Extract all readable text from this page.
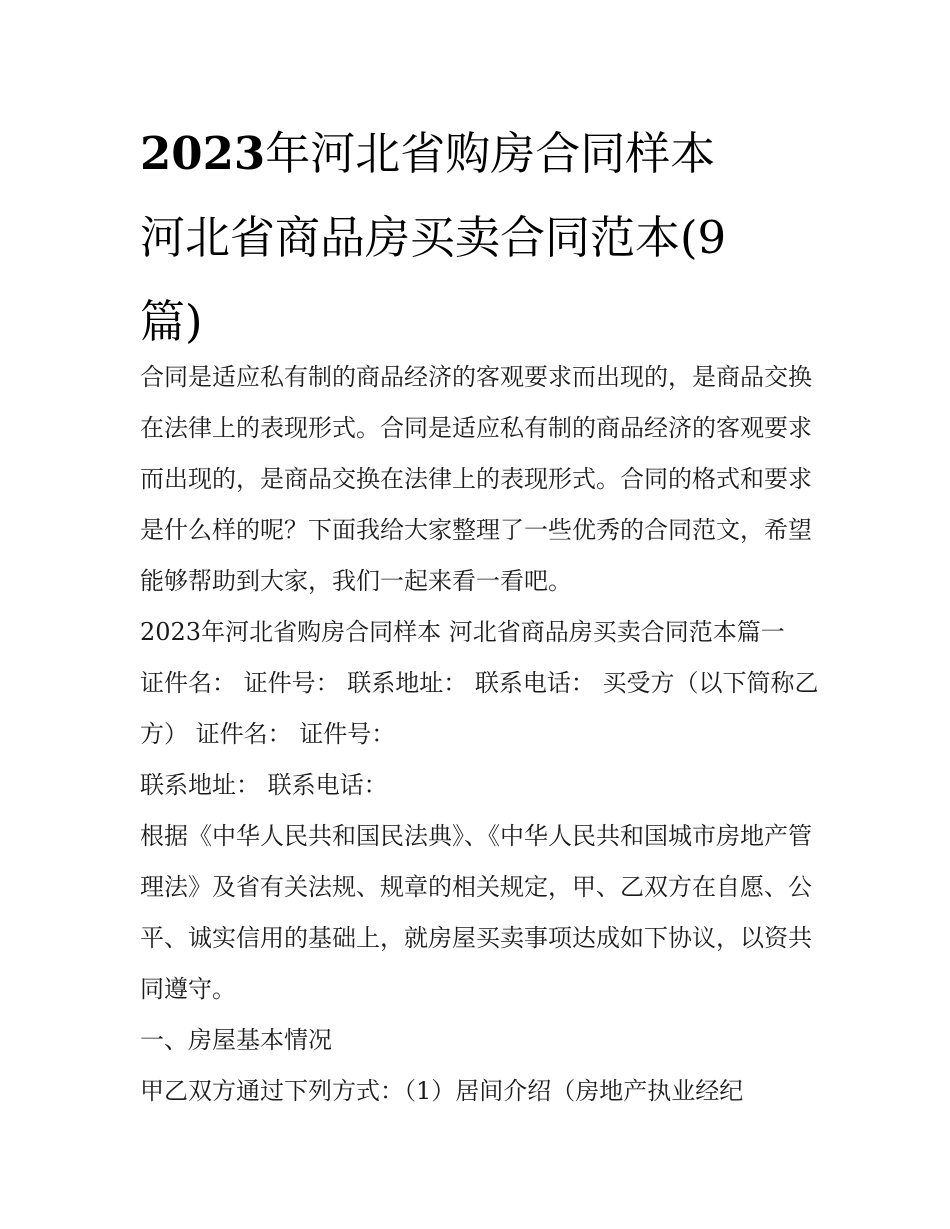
2023年河北省购房合同样本
河北省商品房买卖合同范本(9
篇)

合同是适应私有制的商品经济的客观要求而出现的，是商品交换在法律上的表现形式。合同是适应私有制的商品经济的客观要求而出现的，是商品交换在法律上的表现形式。合同的格式和要求是什么样的呢？下面我给大家整理了一些优秀的合同范文，希望能够帮助到大家，我们一起来看一看吧。

2023年河北省购房合同样本 河北省商品房买卖合同范本篇一

证件名： 证件号： 联系地址： 联系电话： 买受方（以下简称乙方） 证件名： 证件号：

联系地址： 联系电话：

根据《中华人民共和国民法典》、《中华人民共和国城市房地产管理法》及省有关法规、规章的相关规定，甲、乙双方在自愿、公平、诚实信用的基础上，就房屋买卖事项达成如下协议，以资共同遵守。

一、房屋基本情况

甲乙双方通过下列方式：（1）居间介绍（房地产执业经纪
